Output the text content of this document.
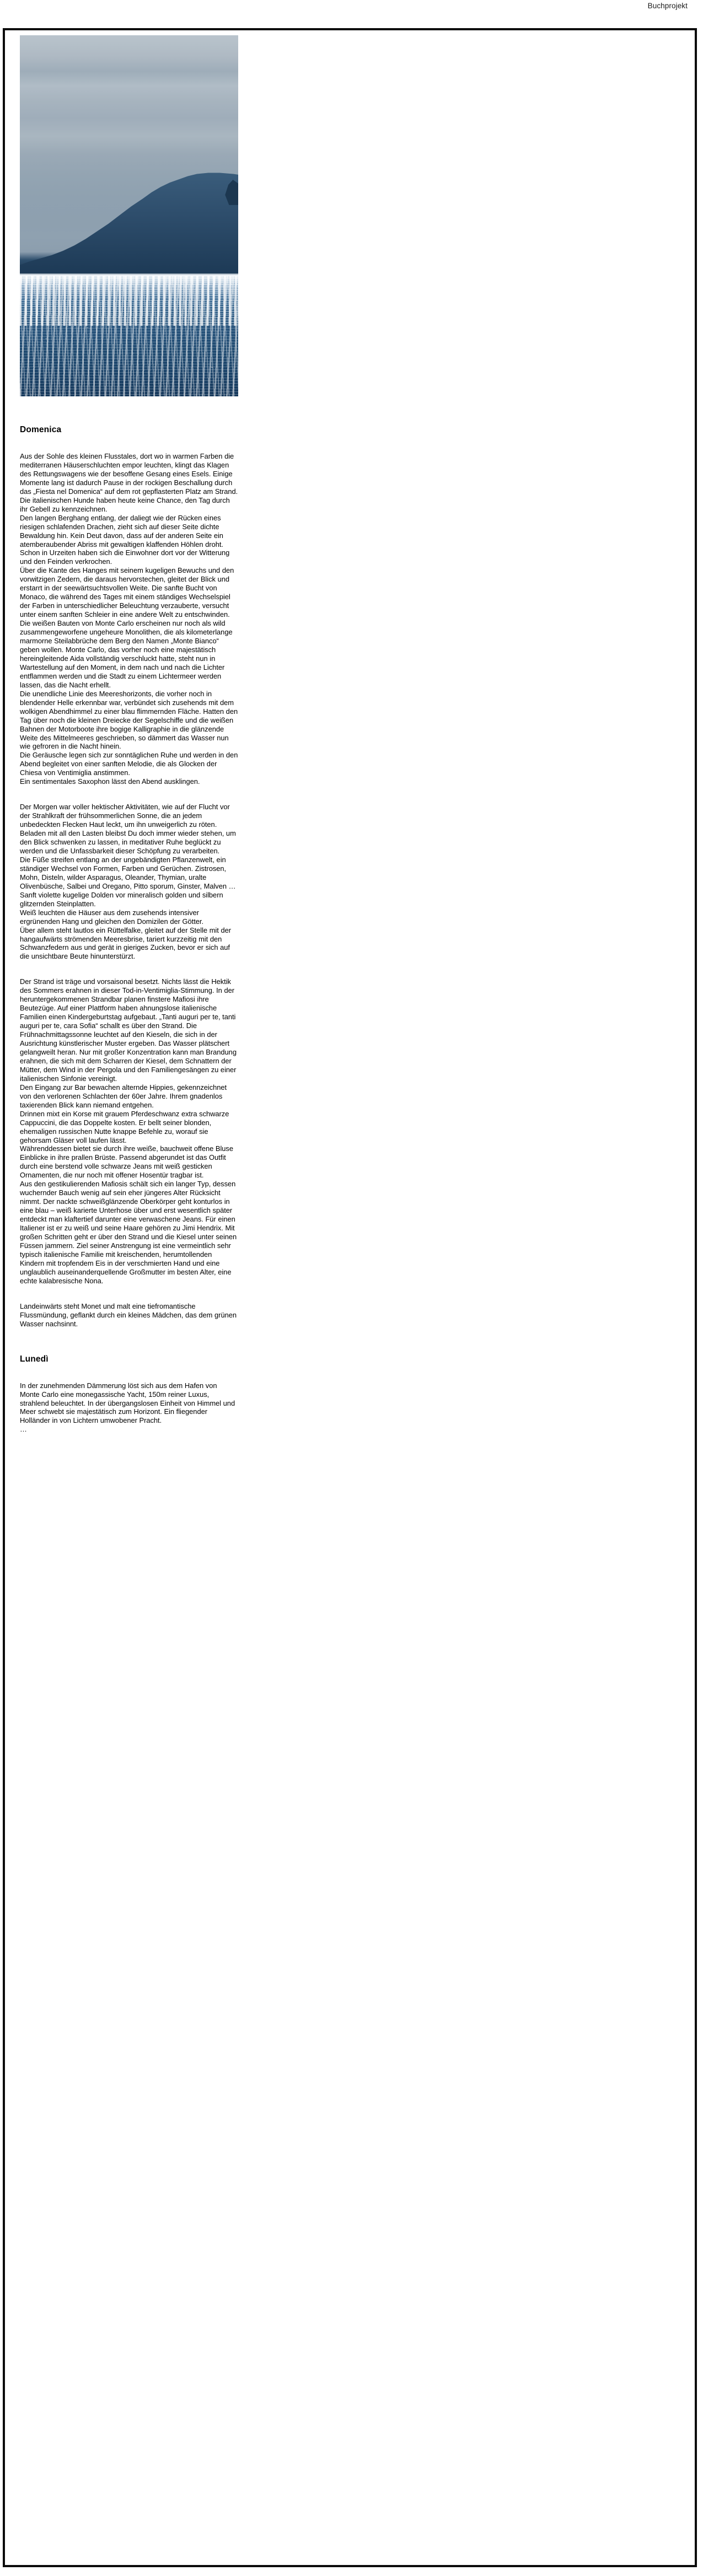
Buchprojekt
Domenica

Aus der Sohle des kleinen Flusstales, dort wo in warmen Farben die mediterranen Häuserschluchten empor leuchten, klingt das Klagen des Rettungswagens wie der besoffene Gesang eines Esels. Einige Momente lang ist dadurch Pause in der rockigen Beschallung durch das „Fiesta nel Domenica“ auf dem rot gepflasterten Platz am Strand. Die italienischen Hunde haben heute keine Chance, den Tag durch ihr Gebell zu kennzeichnen.

Den langen Berghang entlang, der daliegt wie der Rücken eines riesigen schlafenden Drachen, zieht sich auf dieser Seite dichte Bewaldung hin. Kein Deut davon, dass auf der anderen Seite ein atemberaubender Abriss mit gewaltigen klaffenden Höhlen droht. Schon in Urzeiten haben sich die Einwohner dort vor der Witterung und den Feinden verkrochen.

Über die Kante des Hanges mit seinem kugeligen Bewuchs und den vorwitzigen Zedern, die daraus hervorstechen, gleitet der Blick und erstarrt in der seewärtsuchtsvollen Weite. Die sanfte Bucht von Monaco, die während des Tages mit einem ständiges Wechselspiel der Farben in unterschiedlicher Beleuchtung verzauberte, versucht unter einem sanften Schleier in eine andere Welt zu entschwinden. Die weißen Bauten von Monte Carlo erscheinen nur noch als wild zusammengeworfene ungeheure Monolithen, die als kilometerlange marmorne Steilabbrüche dem Berg den Namen „Monte Bianco“ geben wollen. Monte Carlo, das vorher noch eine majestätisch hereingleitende Aida vollständig verschluckt hatte, steht nun in Wartestellung auf den Moment, in dem nach und nach die Lichter entflammen werden und die Stadt zu einem Lichtermeer werden lassen, das die Nacht erhellt.

Die unendliche Linie des Meereshorizonts, die vorher noch in blendender Helle erkennbar war, verbündet sich zusehends mit dem wolkigen Abendhimmel zu einer blau flimmernden Fläche. Hatten den Tag über noch die kleinen Dreiecke der Segelschiffe und die weißen Bahnen der Motorboote ihre bogige Kalligraphie in die glänzende Weite des Mittelmeeres geschrieben, so dämmert das Wasser nun wie gefroren in die Nacht hinein.

Die Geräusche legen sich zur sonntäglichen Ruhe und werden in den Abend begleitet von einer sanften Melodie, die als Glocken der Chiesa von Ventimiglia anstimmen.

Ein sentimentales Saxophon lässt den Abend ausklingen.

Der Morgen war voller hektischer Aktivitäten, wie auf der Flucht vor der Strahlkraft der frühsommerlichen Sonne, die an jedem unbedeckten Flecken Haut leckt, um ihn unweigerlich zu röten.

Beladen mit all den Lasten bleibst Du doch immer wieder stehen, um den Blick schwenken zu lassen, in meditativer Ruhe beglückt zu werden und die Unfassbarkeit dieser Schöpfung zu verarbeiten.

Die Füße streifen entlang an der ungebändigten Pflanzenwelt, ein ständiger Wechsel von Formen, Farben und Gerüchen. Zistrosen, Mohn, Disteln, wilder Asparagus, Oleander, Thymian, uralte Olivenbüsche, Salbei und Oregano, Pitto sporum, Ginster, Malven … Sanft violette kugelige Dolden vor mineralisch golden und silbern glitzernden Steinplatten.

Weiß leuchten die Häuser aus dem zusehends intensiver ergrünenden Hang und gleichen den Domizilen der Götter.

Über allem steht lautlos ein Rüttelfalke, gleitet auf der Stelle mit der hangaufwärts strömenden Meeresbrise, tariert kurzzeitig mit den Schwanzfedern aus und gerät in gieriges Zucken, bevor er sich auf die unsichtbare Beute hinunterstürzt.

Der Strand ist träge und vorsaisonal besetzt. Nichts lässt die Hektik des Sommers erahnen in dieser Tod-in-Ventimiglia-Stimmung. In der heruntergekommenen Strandbar planen finstere Mafiosi ihre Beutezüge. Auf einer Plattform haben ahnungslose italienische Familien einen Kindergeburtstag aufgebaut. „Tanti auguri per te, tanti auguri per te, cara Sofia“ schallt es über den Strand. Die Frühnachmittagssonne leuchtet auf den Kieseln, die sich in der Ausrichtung künstlerischer Muster ergeben. Das Wasser plätschert gelangweilt heran. Nur mit großer Konzentration kann man Brandung erahnen, die sich mit dem Scharren der Kiesel, dem Schnattern der Mütter, dem Wind in der Pergola und den Familiengesängen zu einer italienischen Sinfonie vereinigt.

Den Eingang zur Bar bewachen alternde Hippies, gekennzeichnet von den verlorenen Schlachten der 60er Jahre. Ihrem gnadenlos taxierenden Blick kann niemand entgehen.

Drinnen mixt ein Korse mit grauem Pferdeschwanz extra schwarze Cappuccini, die das Doppelte kosten. Er bellt seiner blonden, ehemaligen russischen Nutte knappe Befehle zu, worauf sie gehorsam Gläser voll laufen lässt.

Währenddessen bietet sie durch ihre weiße, bauchweit offene Bluse Einblicke in ihre prallen Brüste. Passend abgerundet ist das Outfit durch eine berstend volle schwarze Jeans mit weiß gesticken Ornamenten, die nur noch mit offener Hosentür tragbar ist.

Aus den gestikulierenden Mafiosis schält sich ein langer Typ, dessen wuchernder Bauch wenig auf sein eher jüngeres Alter Rücksicht nimmt. Der nackte schweißglänzende Oberkörper geht konturlos in eine blau – weiß karierte Unterhose über und erst wesentlich später entdeckt man klaftertief darunter eine verwaschene Jeans. Für einen Italiener ist er zu weiß und seine Haare gehören zu Jimi Hendrix. Mit großen Schritten geht er über den Strand und die Kiesel unter seinen Füssen jammern. Ziel seiner Anstrengung ist eine vermeintlich sehr typisch italienische Familie mit kreischenden, herumtollenden Kindern mit tropfendem Eis in der verschmierten Hand und eine unglaublich auseinanderquellende Großmutter im besten Alter, eine echte kalabresische Nona.

Landeinwärts steht Monet und malt eine tiefromantische Flussmündung, geflankt durch ein kleines Mädchen, das dem grünen Wasser nachsinnt.

Lunedì

In der zunehmenden Dämmerung löst sich aus dem Hafen von Monte Carlo eine monegassische Yacht, 150m reiner Luxus, strahlend beleuchtet. In der übergangslosen Einheit von Himmel und Meer schwebt sie majestätisch zum Horizont. Ein fliegender Holländer in von Lichtern umwobener Pracht.

…
